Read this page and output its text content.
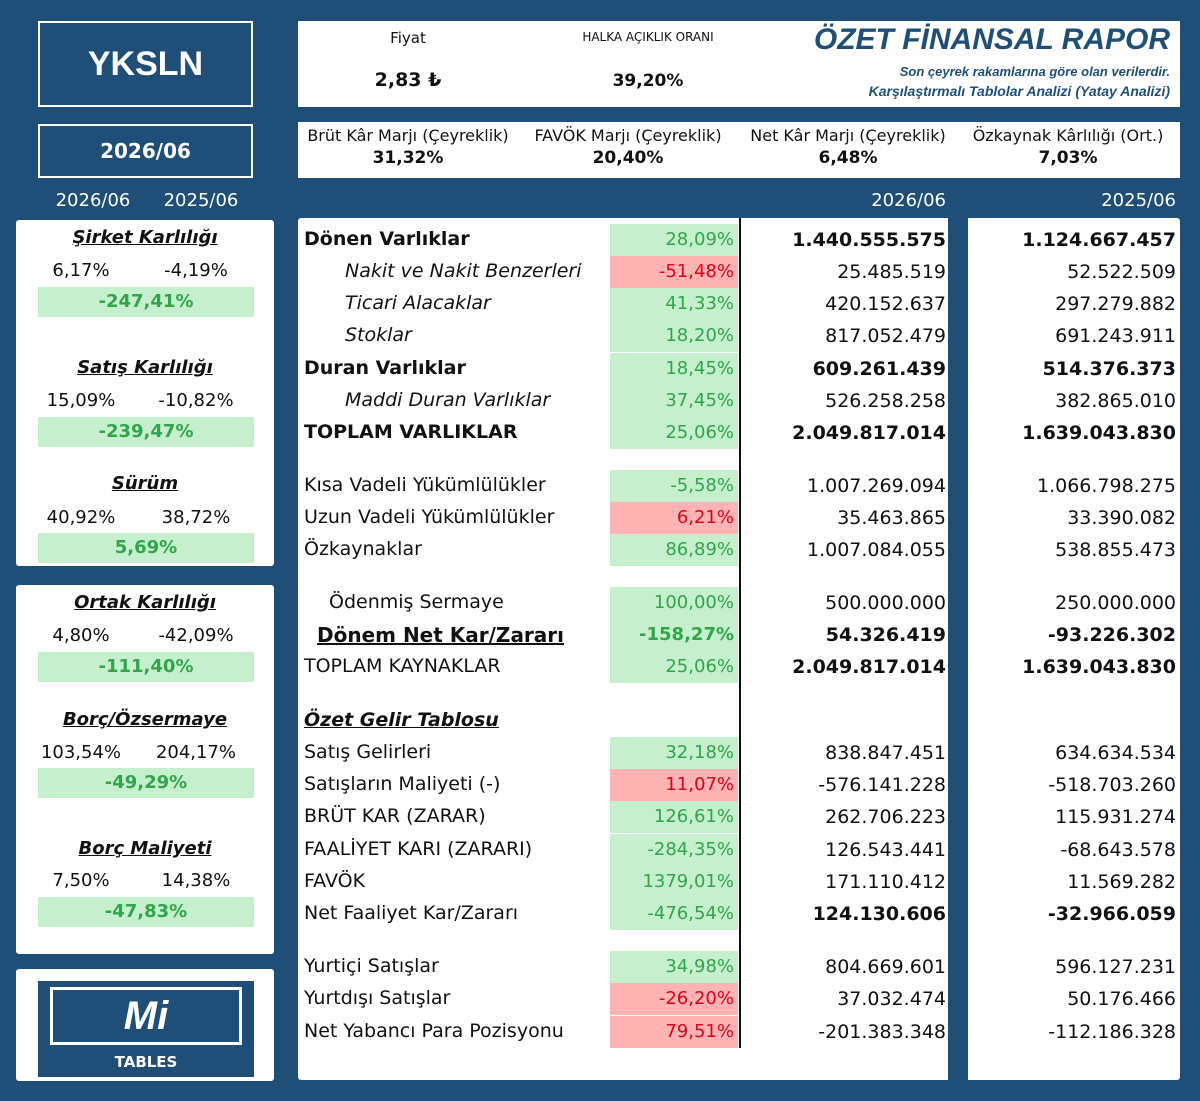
YKSLN
2026/06
Fiyat
2,83 ₺
HALKA AÇIKLIK ORANI
39,20%
ÖZET FİNANSAL RAPOR
Son çeyrek rakamlarına göre olan verilerdir.
Karşılaştırmalı Tablolar Analizi (Yatay Analizi)
Brüt Kâr Marjı (Çeyreklik)
31,32%
FAVÖK Marjı (Çeyreklik)
20,40%
Net Kâr Marjı (Çeyreklik)
6,48%
Özkaynak Kârlılığı (Ort.)
7,03%
2026/06	2025/06	2026/06	2025/06
Şirket Karlılığı
6,17%	-4,19%
-247,41%
Satış Karlılığı
15,09%	-10,82%
-239,47%
Sürüm
40,92%	38,72%
5,69%
Ortak Karlılığı
4,80%	-42,09%
-111,40%
Borç/Özsermaye
103,54%	204,17%
-49,29%
Borç Maliyeti
7,50%	14,38%
-47,83%
Mi
TABLES
Dönen Varlıklar	28,09%	1.440.555.575	1.124.667.457
Nakit ve Nakit Benzerleri	-51,48%	25.485.519	52.522.509
Ticari Alacaklar	41,33%	420.152.637	297.279.882
Stoklar	18,20%	817.052.479	691.243.911
Duran Varlıklar	18,45%	609.261.439	514.376.373
Maddi Duran Varlıklar	37,45%	526.258.258	382.865.010
TOPLAM VARLIKLAR	25,06%	2.049.817.014	1.639.043.830
Kısa Vadeli Yükümlülükler	-5,58%	1.007.269.094	1.066.798.275
Uzun Vadeli Yükümlülükler	6,21%	35.463.865	33.390.082
Özkaynaklar	86,89%	1.007.084.055	538.855.473
Ödenmiş Sermaye	100,00%	500.000.000	250.000.000
Dönem Net Kar/Zararı	-158,27%	54.326.419	-93.226.302
TOPLAM KAYNAKLAR	25,06%	2.049.817.014	1.639.043.830
Özet Gelir Tablosu
Satış Gelirleri	32,18%	838.847.451	634.634.534
Satışların Maliyeti (-)	11,07%	-576.141.228	-518.703.260
BRÜT KAR (ZARAR)	126,61%	262.706.223	115.931.274
FAALİYET KARI (ZARARI)	-284,35%	126.543.441	-68.643.578
FAVÖK	1379,01%	171.110.412	11.569.282
Net Faaliyet Kar/Zararı	-476,54%	124.130.606	-32.966.059
Yurtiçi Satışlar	34,98%	804.669.601	596.127.231
Yurtdışı Satışlar	-26,20%	37.032.474	50.176.466
Net Yabancı Para Pozisyonu	79,51%	-201.383.348	-112.186.328
